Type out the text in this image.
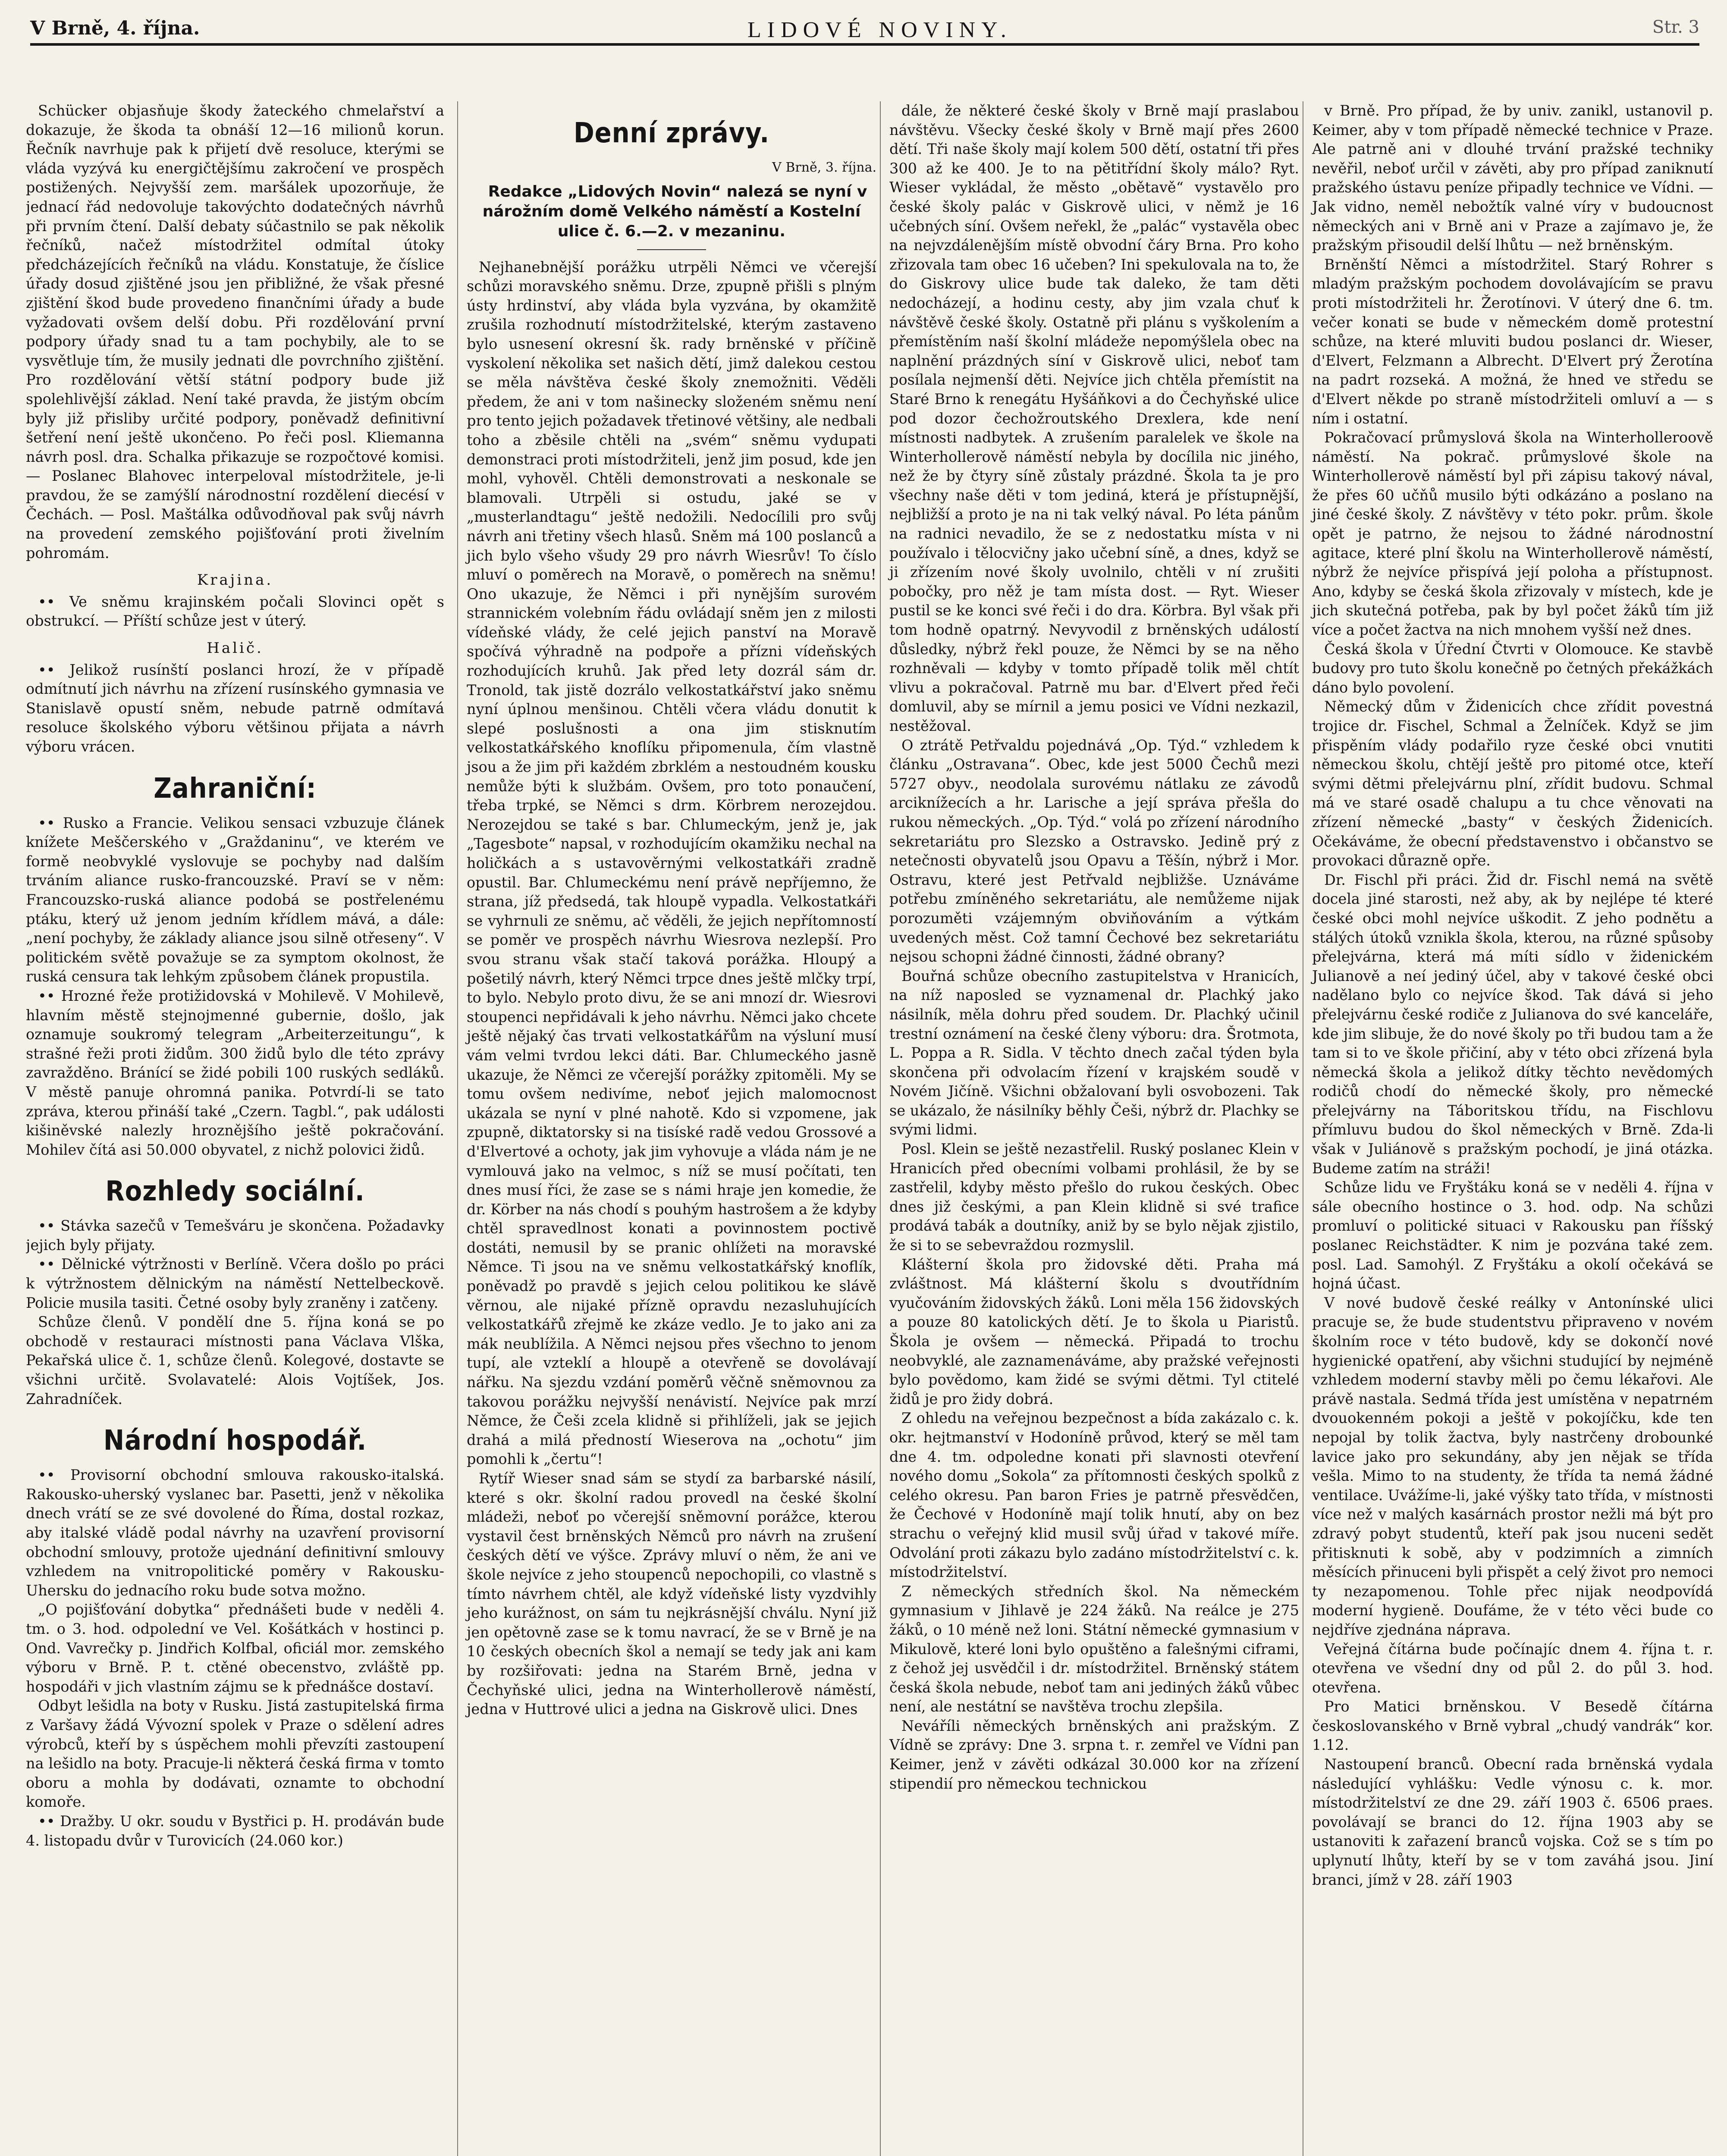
V Brně, 4. října.	LIDOVÉ NOVINY.	Str. 3

Schücker objasňuje škody žateckého chmelařství a dokazuje, že škoda ta obnáší 12—16 milionů korun. Řečník navrhuje pak k přijetí dvě resoluce, kterými se vláda vyzývá ku energičtějšímu zakročení ve prospěch postižených. Nejvyšší zem. maršálek upozorňuje, že jednací řád nedovoluje takovýchto dodatečných návrhů při prvním čtení. Další debaty súčastnilo se pak několik řečníků, načež místodržitel odmítal útoky předcházejících řečníků na vládu. Konstatuje, že číslice úřady dosud zjištěné jsou jen přibližné, že však přesné zjištění škod bude provedeno finančními úřady a bude vyžadovati ovšem delší dobu. Při rozdělování první podpory úřady snad tu a tam pochybily, ale to se vysvětluje tím, že musily jednati dle povrchního zjištění. Pro rozdělování větší státní podpory bude již spolehlivější základ. Není také pravda, že jistým obcím byly již přisliby určité podpory, poněvadž definitivní šetření není ještě ukončeno. Po řeči posl. Kliemanna návrh posl. dra. Schalka přikazuje se rozpočtové komisi. — Poslanec Blahovec interpeloval místodržitele, je-li pravdou, že se zamýšlí národnostní rozdělení diecésí v Čechách. — Posl. Maštálka odůvodňoval pak svůj návrh na provedení zemského pojišťování proti živelním pohromám.

Krajina.

•• Ve sněmu krajinském počali Slovinci opět s obstrukcí. — Příští schůze jest v úterý.

Halič.

•• Jelikož rusínští poslanci hrozí, že v případě odmítnutí jich návrhu na zřízení rusínského gymnasia ve Stanislavě opustí sněm, nebude patrně odmítavá resoluce školského výboru většinou přijata a návrh výboru vrácen.

Zahraniční:

•• Rusko a Francie. Velikou sensaci vzbuzuje článek knížete Meščerského v „Graždaninu“, ve kterém ve formě neobvyklé vyslovuje se pochyby nad dalším trváním aliance rusko-francouzské. Praví se v něm: Francouzsko-ruská aliance podobá se postřelenému ptáku, který už jenom jedním křídlem mává, a dále: „není pochyby, že základy aliance jsou silně otřeseny“. V politickém světě považuje se za symptom okolnost, že ruská censura tak lehkým způsobem článek propustila.

•• Hrozné řeže protižidovská v Mohilevě. V Mohilevě, hlavním městě stejnojmenné gubernie, došlo, jak oznamuje soukromý telegram „Arbeiterzeitungu“, k strašné řeži proti židům. 300 židů bylo dle této zprávy zavražděno. Bránící se židé pobili 100 ruských sedláků. V městě panuje ohromná panika. Potvrdí-li se tato zpráva, kterou přináší také „Czern. Tagbl.“, pak události kišiněvské nalezly hroznějšího ještě pokračování. Mohilev čítá asi 50.000 obyvatel, z nichž polovici židů.

Rozhledy sociální.

•• Stávka sazečů v Temešváru je skončena. Požadavky jejich byly přijaty.

•• Dělnické výtržnosti v Berlíně. Včera došlo po práci k výtržnostem dělnickým na náměstí Nettelbeckově. Policie musila tasiti. Četné osoby byly zraněny i zatčeny.

Schůze členů. V pondělí dne 5. října koná se po obchodě v restauraci místnosti pana Václava Vlška, Pekařská ulice č. 1, schůze členů. Kolegové, dostavte se všichni určitě. Svolavatelé: Alois Vojtíšek, Jos. Zahradníček.

Národní hospodář.

•• Provisorní obchodní smlouva rakousko-italská. Rakousko-uherský vyslanec bar. Pasetti, jenž v několika dnech vrátí se ze své dovolené do Říma, dostal rozkaz, aby italské vládě podal návrhy na uzavření provisorní obchodní smlouvy, protože ujednání definitivní smlouvy vzhledem na vnitropolitické poměry v Rakousku-Uhersku do jednacího roku bude sotva možno.

„O pojišťování dobytka“ přednášeti bude v neděli 4. tm. o 3. hod. odpolední ve Vel. Košátkách v hostinci p. Ond. Vavrečky p. Jindřich Kolfbal, oficiál mor. zemského výboru v Brně. P. t. ctěné obecenstvo, zvláště pp. hospodáři v jich vlastním zájmu se k přednášce dostaví.

Odbyt lešidla na boty v Rusku. Jistá zastupitelská firma z Varšavy žádá Vývozní spolek v Praze o sdělení adres výrobců, kteří by s úspěchem mohli převzíti zastoupení na lešidlo na boty. Pracuje-li některá česká firma v tomto oboru a mohla by dodávati, oznamte to obchodní komoře.

•• Dražby. U okr. soudu v Bystřici p. H. prodáván bude 4. listopadu dvůr v Turovicích (24.060 kor.)

Denní zprávy.

V Brně, 3. října.

Redakce „Lidových Novin“ nalezá se nyní v nárožním domě Velkého náměstí a Kostelní ulice č. 6.—2. v mezaninu.

Nejhanebnější porážku utrpěli Němci ve včerejší schůzi moravského sněmu. Drze, zpupně přišli s plným ústy hrdinství, aby vláda byla vyzvána, by okamžitě zrušila rozhodnutí místodržitelské, kterým zastaveno bylo usnesení okresní šk. rady brněnské v příčině vyskolení několika set našich dětí, jimž dalekou cestou se měla návštěva české školy znemožniti. Věděli předem, že ani v tom našinecky složeném sněmu není pro tento jejich požadavek třetinové většiny, ale nedbali toho a zběsile chtěli na „svém“ sněmu vydupati demonstraci proti místodržiteli, jenž jim posud, kde jen mohl, vyhověl. Chtěli demonstrovati a neskonale se blamovali. Utrpěli si ostudu, jaké se v „musterlandtagu“ ještě nedožili. Nedocílili pro svůj návrh ani třetiny všech hlasů. Sněm má 100 poslanců a jich bylo všeho všudy 29 pro návrh Wiesrův! To číslo mluví o poměrech na Moravě, o poměrech na sněmu! Ono ukazuje, že Němci i při nynějším surovém strannickém volebním řádu ovládají sněm jen z milosti vídeňské vlády, že celé jejich panství na Moravě spočívá výhradně na podpoře a přízni vídeňských rozhodujících kruhů. Jak před lety dozrál sám dr. Tronold, tak jistě dozrálo velkostatkářství jako sněmu nyní úplnou menšinou. Chtěli včera vládu donutit k slepé poslušnosti a ona jim stisknutím velkostatkářského knoflíku připomenula, čím vlastně jsou a že jim při každém zbrklém a nestoudném kousku nemůže býti k službám. Ovšem, pro toto ponaučení, třeba trpké, se Němci s drm. Körbrem nerozejdou. Nerozejdou se také s bar. Chlumeckým, jenž je, jak „Tagesbote“ napsal, v rozhodujícím okamžiku nechal na holičkách a s ustavověrnými velkostatkáři zradně opustil. Bar. Chlumeckému není právě nepříjemno, že strana, jíž předsedá, tak hloupě vypadla. Velkostatkáři se vyhrnuli ze sněmu, ač věděli, že jejich nepřítomností se poměr ve prospěch návrhu Wiesrova nezlepší. Pro svou stranu však stačí taková porážka. Hloupý a pošetilý návrh, který Němci trpce dnes ještě mlčky trpí, to bylo. Nebylo proto divu, že se ani mnozí dr. Wiesrovi stoupenci nepřidávali k jeho návrhu. Němci jako chcete ještě nějaký čas trvati velkostatkářům na výsluní musí vám velmi tvrdou lekci dáti. Bar. Chlumeckého jasně ukazuje, že Němci ze včerejší porážky zpitoměli. My se tomu ovšem nedivíme, neboť jejich malomocnost ukázala se nyní v plné nahotě. Kdo si vzpomene, jak zpupně, diktatorsky si na tisíské radě vedou Grossové a d'Elvertové a ochoty, jak jim vyhovuje a vláda nám je ne vymlouvá jako na velmoc, s níž se musí počítati, ten dnes musí říci, že zase se s námi hraje jen komedie, že dr. Körber na nás chodí s pouhým hastrošem a že kdyby chtěl spravedlnost konati a povinnostem poctivě dostáti, nemusil by se pranic ohlížeti na moravské Němce. Ti jsou na ve sněmu velkostatkářský knoflík, poněvadž po pravdě s jejich celou politikou ke slávě věrnou, ale nijaké přízně opravdu nezasluhujících velkostatkářů zřejmě ke zkáze vedlo. Je to jako ani za mák neublížila. A Němci nejsou přes všechno to jenom tupí, ale vzteklí a hloupě a otevřeně se dovolávají nářku. Na sjezdu vzdání poměrů věčně sněmovnou za takovou porážku nejvyšší nenávistí. Nejvíce pak mrzí Němce, že Češi zcela klidně si přihlíželi, jak se jejich drahá a milá předností Wieserova na „ochotu“ jim pomohli k „čertu“!

Rytíř Wieser snad sám se stydí za barbarské násilí, které s okr. školní radou provedl na české školní mládeži, neboť po včerejší sněmovní porážce, kterou vystavil čest brněnských Němců pro návrh na zrušení českých dětí ve výšce. Zprávy mluví o něm, že ani ve škole nejvíce z jeho stoupenců nepochopili, co vlastně s tímto návrhem chtěl, ale když vídeňské listy vyzdvihly jeho kurážnost, on sám tu nejkrásnější chválu. Nyní již jen opětovně zase se k tomu navrací, že se v Brně je na 10 českých obecních škol a nemají se tedy jak ani kam by rozšiřovati: jedna na Starém Brně, jedna v Čechyňské ulici, jedna na Winterhollerově náměstí, jedna v Huttrové ulici a jedna na Giskrově ulici. Dnes

dále, že některé české školy v Brně mají praslabou návštěvu. Všecky české školy v Brně mají přes 2600 dětí. Tři naše školy mají kolem 500 dětí, ostatní tři přes 300 až ke 400. Je to na pětitřídní školy málo? Ryt. Wieser vykládal, že město „obětavě“ vystavělo pro české školy palác v Giskrově ulici, v němž je 16 učebných síní. Ovšem neřekl, že „palác“ vystavěla obec na nejvzdálenějším místě obvodní čáry Brna. Pro koho zřizovala tam obec 16 učeben? Ini spekulovala na to, že do Giskrovy ulice bude tak daleko, že tam děti nedocházejí, a hodinu cesty, aby jim vzala chuť k návštěvě české školy. Ostatně při plánu s vyškolením a přemístěním naší školní mládeže nepomýšlela obec na naplnění prázdných síní v Giskrově ulici, neboť tam posílala nejmenší děti. Nejvíce jich chtěla přemístit na Staré Brno k renegátu Hyšáňkovi a do Čechyňské ulice pod dozor čechožroutského Drexlera, kde není místnosti nadbytek. A zrušením paralelek ve škole na Winterhollerově náměstí nebyla by docílila nic jiného, než že by čtyry síně zůstaly prázdné. Škola ta je pro všechny naše děti v tom jediná, která je přístupnější, nejbližší a proto je na ni tak velký nával. Po léta pánům na radnici nevadilo, že se z nedostatku místa v ni používalo i tělocvičny jako učební síně, a dnes, když se ji zřízením nové školy uvolnilo, chtěli v ní zrušiti pobočky, pro něž je tam místa dost. — Ryt. Wieser pustil se ke konci své řeči i do dra. Körbra. Byl však při tom hodně opatrný. Nevyvodil z brněnských událostí důsledky, nýbrž řekl pouze, že Němci by se na něho rozhněvali — kdyby v tomto případě tolik měl chtít vlivu a pokračoval. Patrně mu bar. d'Elvert před řeči domluvil, aby se mírnil a jemu posici ve Vídni nezkazil, nestěžoval.

O ztrátě Petřvaldu pojednává „Op. Týd.“ vzhledem k článku „Ostravana“. Obec, kde jest 5000 Čechů mezi 5727 obyv., neodolala surovému nátlaku ze závodů arciknížecích a hr. Larische a její správa přešla do rukou německých. „Op. Týd.“ volá po zřízení národního sekretariátu pro Slezsko a Ostravsko. Jedině prý z netečnosti obyvatelů jsou Opavu a Těšín, nýbrž i Mor. Ostravu, které jest Petřvald nejbližše. Uznáváme potřebu zmíněného sekretariátu, ale nemůžeme nijak porozuměti vzájemným obviňováním a výtkám uvedených měst. Což tamní Čechové bez sekretariátu nejsou schopni žádné činnosti, žádné obrany?

Bouřná schůze obecního zastupitelstva v Hranicích, na níž naposled se vyznamenal dr. Plachký jako násilník, měla dohru před soudem. Dr. Plachký učinil trestní oznámení na české členy výboru: dra. Šrotmota, L. Poppa a R. Sidla. V těchto dnech začal týden byla skončena při odvolacím řízení v krajském soudě v Novém Jičíně. Všichni obžalovaní byli osvobozeni. Tak se ukázalo, že násilníky běhly Češi, nýbrž dr. Plachky se svými lidmi.

Posl. Klein se ještě nezastřelil. Ruský poslanec Klein v Hranicích před obecními volbami prohlásil, že by se zastřelil, kdyby město přešlo do rukou českých. Obec dnes již českými, a pan Klein klidně si své trafice prodává tabák a doutníky, aniž by se bylo nějak zjistilo, že si to se sebevraždou rozmyslil.

Klášterní škola pro židovské děti. Praha má zvláštnost. Má klášterní školu s dvoutřídním vyučováním židovských žáků. Loni měla 156 židovských a pouze 80 katolických dětí. Je to škola u Piaristů. Škola je ovšem — německá. Připadá to trochu neobvyklé, ale zaznamenáváme, aby pražské veřejnosti bylo povědomo, kam židé se svými dětmi. Tyl ctitelé židů je pro židy dobrá.

Z ohledu na veřejnou bezpečnost a bída zakázalo c. k. okr. hejtmanství v Hodoníně průvod, který se měl tam dne 4. tm. odpoledne konati při slavnosti otevření nového domu „Sokola“ za přítomnosti českých spolků z celého okresu. Pan baron Fries je patrně přesvědčen, že Čechové v Hodoníně mají tolik hnutí, aby on bez strachu o veřejný klid musil svůj úřad v takové míře. Odvolání proti zákazu bylo zadáno místodržitelství c. k. místodržitelství.

Z německých středních škol. Na německém gymnasium v Jihlavě je 224 žáků. Na reálce je 275 žáků, o 10 méně než loni. Státní německé gymnasium v Mikulově, které loni bylo opuštěno a falešnými ciframi, z čehož jej usvědčil i dr. místodržitel. Brněnský státem česká škola nebude, neboť tam ani jediných žáků vůbec není, ale nestátní se navštěva trochu zlepšila.

Neváříli německých brněnských ani pražským. Z Vídně se zprávy: Dne 3. srpna t. r. zemřel ve Vídni pan Keimer, jenž v závěti odkázal 30.000 kor na zřízení stipendií pro německou technickou

v Brně. Pro případ, že by univ. zanikl, ustanovil p. Keimer, aby v tom případě německé technice v Praze. Ale patrně ani v dlouhé trvání pražské techniky nevěřil, neboť určil v závěti, aby pro případ zaniknutí pražského ústavu peníze připadly technice ve Vídni. — Jak vidno, neměl nebožtík valné víry v budoucnost německých ani v Brně ani v Praze a zajímavo je, že pražským přisoudil delší lhůtu — než brněnským.

Brněnští Němci a místodržitel. Starý Rohrer s mladým pražským pochodem dovolávajícím se pravu proti místodržiteli hr. Žerotínovi. V úterý dne 6. tm. večer konati se bude v německém domě protestní schůze, na které mluviti budou poslanci dr. Wieser, d'Elvert, Felzmann a Albrecht. D'Elvert prý Žerotína na padrt rozseká. A možná, že hned ve středu se d'Elvert někde po straně místodržiteli omluví a — s ním i ostatní.

Pokračovací průmyslová škola na Winterholleroově náměstí. Na pokrač. průmyslové škole na Winterhollerově náměstí byl při zápisu takový nával, že přes 60 učňů musilo býti odkázáno a poslano na jiné české školy. Z návštěvy v této pokr. prům. škole opět je patrno, že nejsou to žádné národnostní agitace, které plní školu na Winterhollerově náměstí, nýbrž že nejvíce přispívá její poloha a přístupnost. Ano, kdyby se česká škola zřizovaly v místech, kde je jich skutečná potřeba, pak by byl počet žáků tím již více a počet žactva na nich mnohem vyšší než dnes.

Česká škola v Úřední Čtvrti v Olomouce. Ke stavbě budovy pro tuto školu konečně po četných překážkách dáno bylo povolení.

Německý dům v Židenicích chce zřídit povestná trojice dr. Fischel, Schmal a Želníček. Když se jim přispěním vlády podařilo ryze české obci vnutiti německou školu, chtějí ještě pro pitomé otce, kteří svými dětmi přelejvárnu plní, zřídit budovu. Schmal má ve staré osadě chalupu a tu chce věnovati na zřízení německé „basty“ v českých Židenicích. Očekáváme, že obecní představenstvo i občanstvo se provokaci důrazně opře.

Dr. Fischl při práci. Žid dr. Fischl nemá na světě docela jiné starosti, než aby, ak by nejlépe té které české obci mohl nejvíce uškodit. Z jeho podnětu a stálých útoků vznikla škola, kterou, na různé spůsoby přelejvárna, která má míti sídlo v židenickém Julianově a neí jediný účel, aby v takové české obci nadělano bylo co nejvíce škod. Tak dává si jeho přelejvárnu české rodiče z Julianova do své kanceláře, kde jim slibuje, že do nové školy po tři budou tam a že tam si to ve škole přičiní, aby v této obci zřízená byla německá škola a jelikož dítky těchto nevědomých rodičů chodí do německé školy, pro německé přelejvárny na Táboritskou třídu, na Fischlovu přímluvu budou do škol německých v Brně. Zda-li však v Juliánově s pražským pochodí, je jiná otázka. Budeme zatím na stráži!

Schůze lidu ve Fryštáku koná se v neděli 4. října v sále obecního hostince o 3. hod. odp. Na schůzi promluví o politické situaci v Rakousku pan říšský poslanec Reichstädter. K nim je pozvána také zem. posl. Lad. Samohýl. Z Fryštáku a okolí očekává se hojná účast.

V nové budově české reálky v Antonínské ulici pracuje se, že bude studentstvu připraveno v novém školním roce v této budově, kdy se dokončí nové hygienické opatření, aby všichni studující by nejméně vzhledem moderní stavby měli po čemu lékařovi. Ale právě nastala. Sedmá třída jest umístěna v nepatrném dvouokenném pokoji a ještě v pokojíčku, kde ten nepojal by tolik žactva, byly nastrčeny drobounké lavice jako pro sekundány, aby jen nějak se třída vešla. Mimo to na studenty, že třída ta nemá žádné ventilace. Uvážíme-li, jaké výšky tato třída, v místnosti více než v malých kasárnách prostor nežli má být pro zdravý pobyt studentů, kteří pak jsou nuceni sedět přitisknuti k sobě, aby v podzimních a zimních měsících přinuceni byli přispět a celý život pro nemoci ty nezapomenou. Tohle přec nijak neodpovídá moderní hygieně. Doufáme, že v této věci bude co nejdříve zjednána náprava.

Veřejná čítárna bude počínajíc dnem 4. října t. r. otevřena ve všední dny od půl 2. do půl 3. hod. otevřena.

Pro Matici brněnskou. V Besedě čítárna českoslovanského v Brně vybral „chudý vandrák“ kor. 1.12.

Nastoupení branců. Obecní rada brněnská vydala následující vyhlášku: Vedle výnosu c. k. mor. místodržitelství ze dne 29. září 1903 č. 6506 praes. povolávají se branci do 12. října 1903 aby se ustanoviti k zařazení branců vojska. Což se s tím po uplynutí lhůty, kteří by se v tom zaváhá jsou. Jiní branci, jímž v 28. září 1903
